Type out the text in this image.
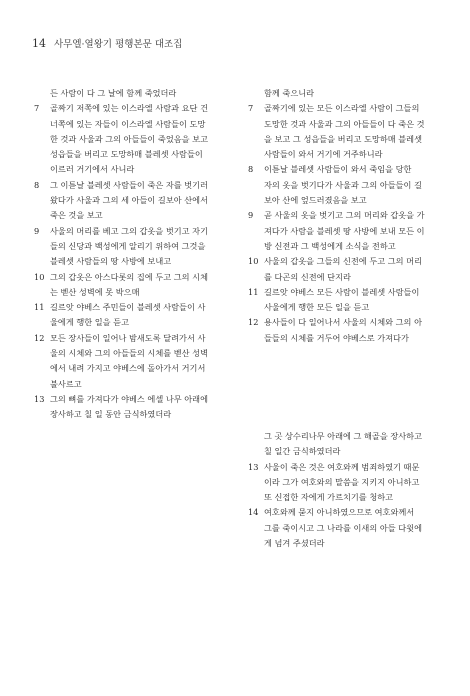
14 사무엘·열왕기 평행본문 대조집
든 사람이 다 그 날에 함께 죽었더라
7	골짜기 저쪽에 있는 이스라엘 사람과 요단 건
너쪽에 있는 자들이 이스라엘 사람들이 도망
한 것과 사울과 그의 아들들이 죽었음을 보고
성읍들을 버리고 도망하매 블레셋 사람들이
이르러 거기에서 사니라
8	그 이튿날 블레셋 사람들이 죽은 자를 벗기러
왔다가 사울과 그의 세 아들이 길보아 산에서
죽은 것을 보고
9	사울의 머리를 베고 그의 갑옷을 벗기고 자기
들의 신당과 백성에게 알리기 위하여 그것을
블레셋 사람들의 땅 사방에 보내고
10 그의 갑옷은 아스다롯의 집에 두고 그의 시체
는 벧산 성벽에 못 박으매
11 길르앗 야베스 주민들이 블레셋 사람들이 사
울에게 행한 일을 듣고
12 모든 장사들이 일어나 밤새도록 달려가서 사
울의 시체와 그의 아들들의 시체를 벧산 성벽
에서 내려 가지고 야베스에 돌아가서 거기서
불사르고
13 그의 뼈를 가져다가 야베스 에셀 나무 아래에
장사하고 칠 일 동안 금식하였더라
함께 죽으니라
7	골짜기에 있는 모든 이스라엘 사람이 그들의
도망한 것과 사울과 그의 아들들이 다 죽은 것
을 보고 그 성읍들을 버리고 도망하매 블레셋
사람들이 와서 거기에 거주하니라
8	이튿날 블레셋 사람들이 와서 죽임을 당한
자의 옷을 벗기다가 사울과 그의 아들들이 길
보아 산에 엎드러졌음을 보고
9	곧 사울의 옷을 벗기고 그의 머리와 갑옷을 가
져다가 사람을 블레셋 땅 사방에 보내 모든 이
방 신전과 그 백성에게 소식을 전하고
10 사울의 갑옷을 그들의 신전에 두고 그의 머리
를 다곤의 신전에 단지라
11 길르앗 야베스 모든 사람이 블레셋 사람들이
사울에게 행한 모든 일을 듣고
12 용사들이 다 일어나서 사울의 시체와 그의 아
들들의 시체를 거두어 야베스로 가져다가
그 곳 상수리나무 아래에 그 해골을 장사하고
칠 일간 금식하였더라
13 사울이 죽은 것은 여호와께 범죄하였기 때문
이라 그가 여호와의 말씀을 지키지 아니하고
또 신접한 자에게 가르치기를 청하고
14 여호와께 묻지 아니하였으므로 여호와께서
그를 죽이시고 그 나라를 이새의 아들 다윗에
게 넘겨 주셨더라
